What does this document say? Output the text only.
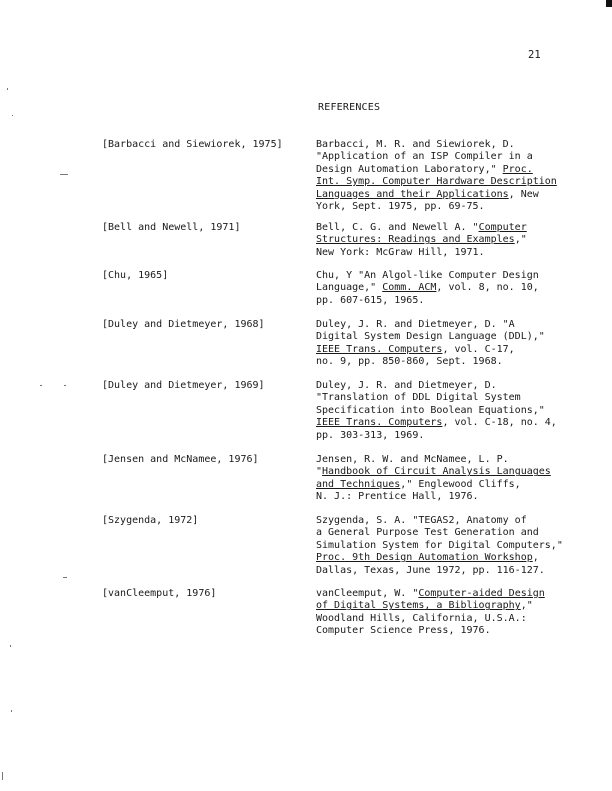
21
REFERENCES
[Barbacci and Siewiorek, 1975]	Barbacci, M. R. and Siewiorek, D.
"Application of an ISP Compiler in a
Design Automation Laboratory," Proc.
Int. Symp. Computer Hardware Description
Languages and their Applications, New
York, Sept. 1975, pp. 69-75.
[Bell and Newell, 1971]	Bell, C. G. and Newell A. "Computer
Structures: Readings and Examples,"
New York: McGraw Hill, 1971.
[Chu, 1965]	Chu, Y "An Algol-like Computer Design
Language," Comm. ACM, vol. 8, no. 10,
pp. 607-615, 1965.
[Duley and Dietmeyer, 1968]	Duley, J. R. and Dietmeyer, D. "A
Digital System Design Language (DDL),"
IEEE Trans. Computers, vol. C-17,
no. 9, pp. 850-860, Sept. 1968.
[Duley and Dietmeyer, 1969]	Duley, J. R. and Dietmeyer, D.
"Translation of DDL Digital System
Specification into Boolean Equations,"
IEEE Trans. Computers, vol. C-18, no. 4,
pp. 303-313, 1969.
[Jensen and McNamee, 1976]	Jensen, R. W. and McNamee, L. P.
"Handbook of Circuit Analysis Languages
and Techniques," Englewood Cliffs,
N. J.: Prentice Hall, 1976.
[Szygenda, 1972]	Szygenda, S. A. "TEGAS2, Anatomy of
a General Purpose Test Generation and
Simulation System for Digital Computers,"
Proc. 9th Design Automation Workshop,
Dallas, Texas, June 1972, pp. 116-127.
[vanCleemput, 1976]	vanCleemput, W. "Computer-aided Design
of Digital Systems, a Bibliography,"
Woodland Hills, California, U.S.A.:
Computer Science Press, 1976.
